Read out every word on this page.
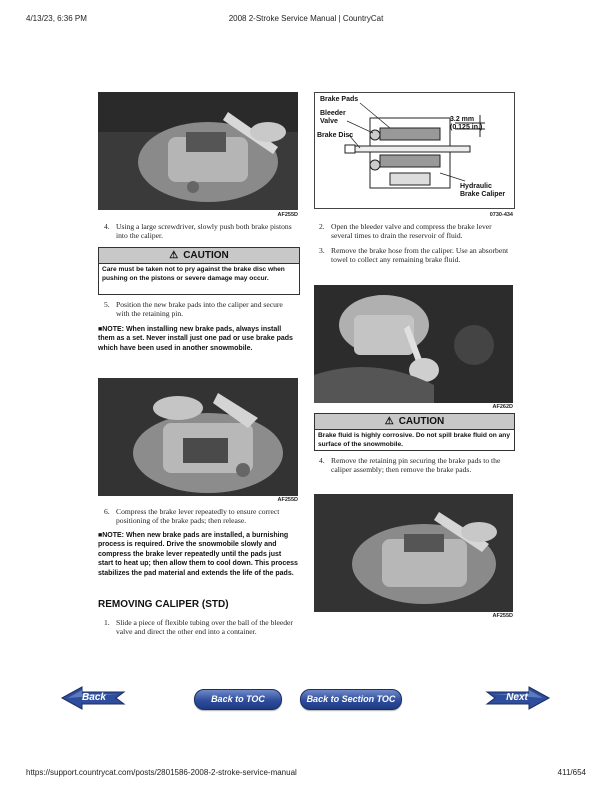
4/13/23, 6:36 PM	2008 2-Stroke Service Manual | CountryCat
AF255D
4. Using a large screwdriver, slowly push both brake pistons into the caliper.
⚠ CAUTION
Care must be taken not to pry against the brake disc when pushing on the pistons or severe damage may occur.
5. Position the new brake pads into the caliper and secure with the retaining pin.
■NOTE: When installing new brake pads, always install them as a set. Never install just one pad or use brake pads which have been used in another snowmobile.
AF255D
6. Compress the brake lever repeatedly to ensure correct positioning of the brake pads; then release.
■NOTE: When new brake pads are installed, a burnishing process is required. Drive the snowmobile slowly and compress the brake lever repeatedly until the pads just start to heat up; then allow them to cool down. This process stabilizes the pad material and extends the life of the pads.
REMOVING CALIPER (STD)
1. Slide a piece of flexible tubing over the ball of the bleeder valve and direct the other end into a container.
Brake Pads
Bleeder Valve
Brake Disc
3.2 mm (0.125 in.)
Hydraulic Brake Caliper
0730-434
2. Open the bleeder valve and compress the brake lever several times to drain the reservoir of fluid.
3. Remove the brake hose from the caliper. Use an absorbent towel to collect any remaining brake fluid.
AF262D
⚠ CAUTION
Brake fluid is highly corrosive. Do not spill brake fluid on any surface of the snowmobile.
4. Remove the retaining pin securing the brake pads to the caliper assembly; then remove the brake pads.
AF255D
Back	Back to TOC	Back to Section TOC	Next
https://support.countrycat.com/posts/2801586-2008-2-stroke-service-manual	411/654
